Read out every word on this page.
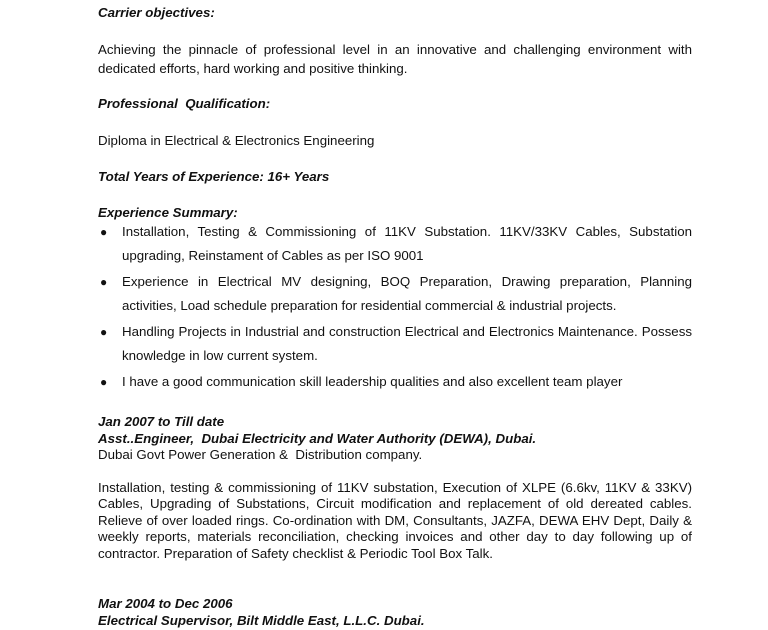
Carrier objectives:

Achieving the pinnacle of professional level in an innovative and challenging environment with dedicated efforts, hard working and positive thinking.

Professional  Qualification:

Diploma in Electrical & Electronics Engineering

Total Years of Experience: 16+ Years

Experience Summary:

● Installation, Testing & Commissioning of 11KV Substation. 11KV/33KV Cables, Substation upgrading, Reinstament of Cables as per ISO 9001
● Experience in Electrical MV designing, BOQ Preparation, Drawing preparation, Planning activities, Load schedule preparation for residential commercial & industrial projects.
● Handling Projects in Industrial and construction Electrical and Electronics Maintenance. Possess knowledge in low current system.
● I have a good communication skill leadership qualities and also excellent team player

Jan 2007 to Till date

Asst..Engineer,  Dubai Electricity and Water Authority (DEWA), Dubai.

Dubai Govt Power Generation &  Distribution company.

Installation, testing & commissioning of 11KV substation, Execution of XLPE (6.6kv, 11KV & 33KV) Cables, Upgrading of Substations, Circuit modification and replacement of old dereated cables. Relieve of over loaded rings. Co-ordination with DM, Consultants, JAZFA, DEWA EHV Dept, Daily & weekly reports, materials reconciliation, checking invoices and other day to day following up of contractor. Preparation of Safety checklist & Periodic Tool Box Talk.

Mar 2004 to Dec 2006

Electrical Supervisor, Bilt Middle East, L.L.C. Dubai.
